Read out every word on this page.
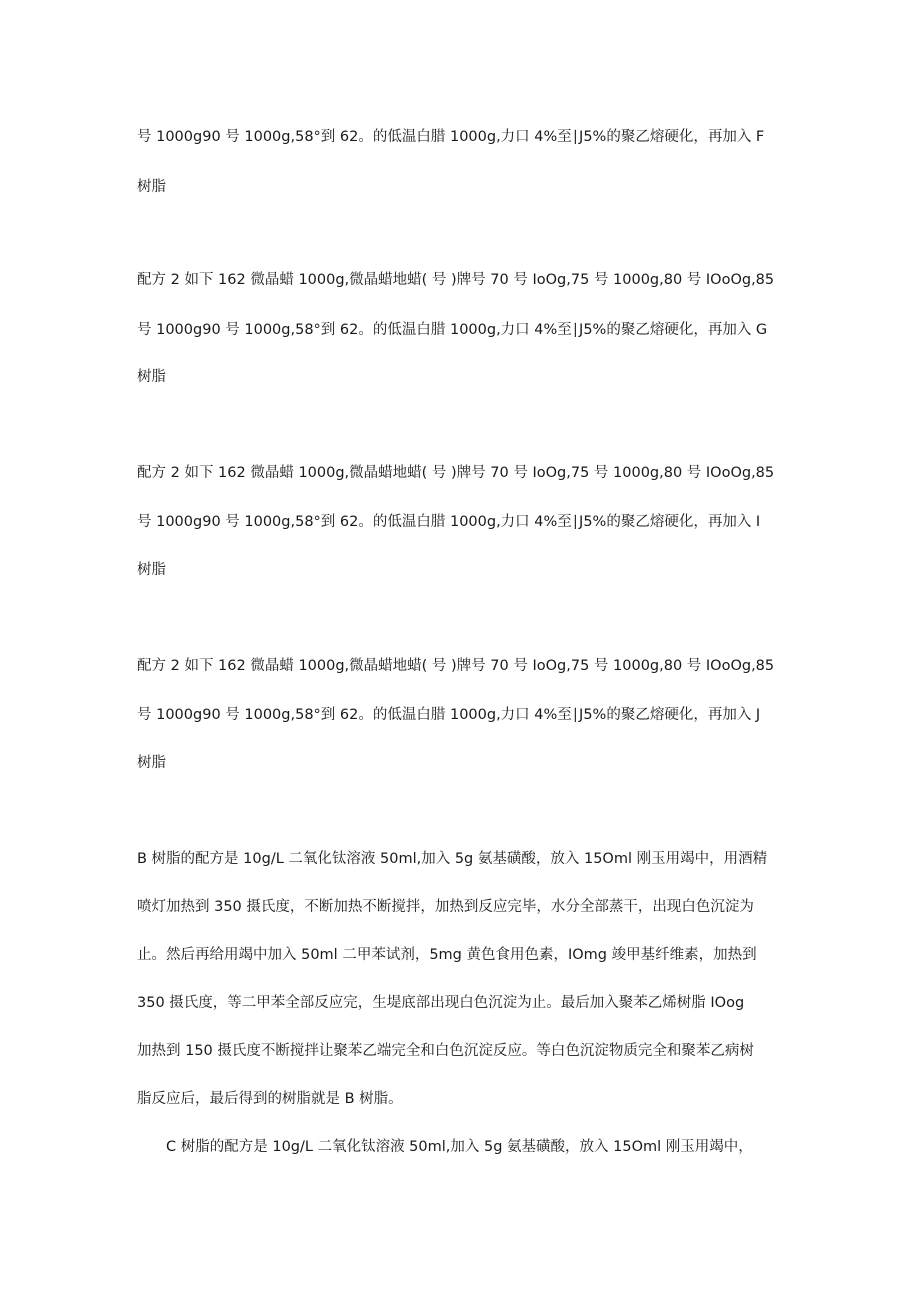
号 1000g90 号 1000g,58°到 62。的低温白腊 1000g,力口 4%至∣J5%的聚乙熔硬化，再加入 F
树脂
配方 2 如下 162 微晶蜡 1000g,微晶蜡地蜡( 号 )牌号 70 号 IoOg,75 号 1000g,80 号 IOoOg,85
号 1000g90 号 1000g,58°到 62。的低温白腊 1000g,力口 4%至∣J5%的聚乙熔硬化，再加入 G
树脂
配方 2 如下 162 微晶蜡 1000g,微晶蜡地蜡( 号 )牌号 70 号 IoOg,75 号 1000g,80 号 IOoOg,85
号 1000g90 号 1000g,58°到 62。的低温白腊 1000g,力口 4%至∣J5%的聚乙熔硬化，再加入 I
树脂
配方 2 如下 162 微晶蜡 1000g,微晶蜡地蜡( 号 )牌号 70 号 IoOg,75 号 1000g,80 号 IOoOg,85
号 1000g90 号 1000g,58°到 62。的低温白腊 1000g,力口 4%至∣J5%的聚乙熔硬化，再加入 J
树脂
B 树脂的配方是 10g∕L 二氧化钛溶液 50ml,加入 5g 氨基磺酸，放入 15Oml 刚玉用竭中，用酒精
喷灯加热到 350 摄氏度，不断加热不断搅拌，加热到反应完毕，水分全部蒸干，出现白色沉淀为
止。然后再给用竭中加入 50ml 二甲苯试剂，5mg 黄色食用色素，IOmg 竣甲基纤维素，加热到
350 摄氏度，等二甲苯全部反应完，生堤底部出现白色沉淀为止。最后加入聚苯乙烯树脂 IOog
加热到 150 摄氏度不断搅拌让聚苯乙端完全和白色沉淀反应。等白色沉淀物质完全和聚苯乙病树
脂反应后，最后得到的树脂就是 B 树脂。
C 树脂的配方是 10g∕L 二氧化钛溶液 50ml,加入 5g 氨基磺酸，放入 15Oml 刚玉用竭中，
